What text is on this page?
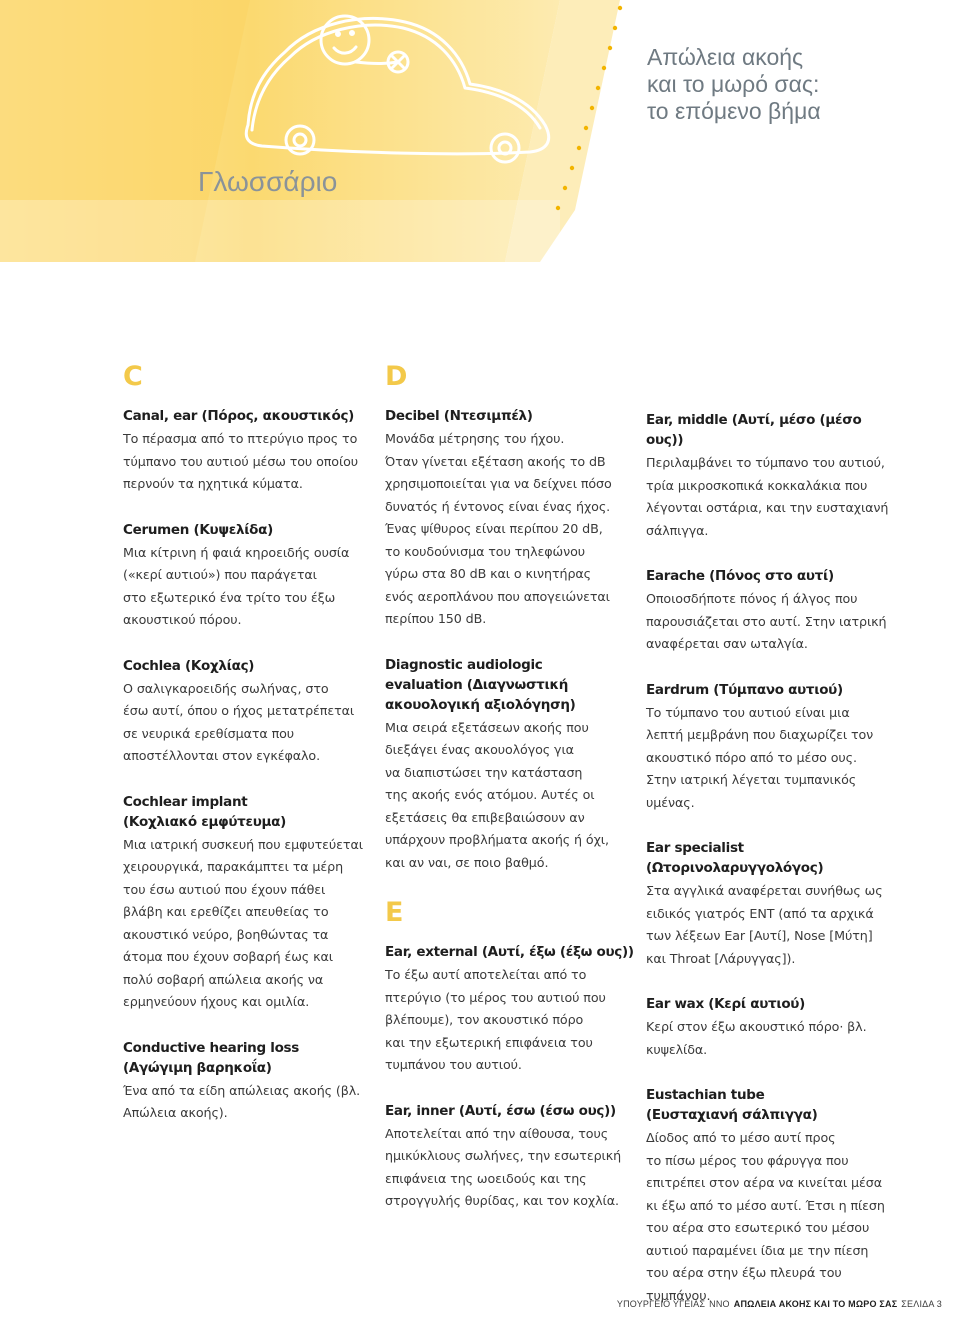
Απώλεια ακοής
και το μωρό σας:
το επόμενο βήμα
Γλωσσάριο
C
Canal, ear (Πόρος, ακουστικός)

Το πέρασμα από το πτερύγιο προς το
τύμπανο του αυτιού μέσω του οποίου
περνούν τα ηχητικά κύματα.

Cerumen (Κυψελίδα)

Μια κίτρινη ή φαιά κηροειδής ουσία
(«κερί αυτιού») που παράγεται
στο εξωτερικό ένα τρίτο του έξω
ακουστικού πόρου.

Cochlea (Κοχλίας)

Ο σαλιγκαροειδής σωλήνας, στο
έσω αυτί, όπου ο ήχος μετατρέπεται
σε νευρικά ερεθίσματα που
αποστέλλονται στον εγκέφαλο.

Cochlear implant (Κοχλιακό εμφύτευμα)

Μια ιατρική συσκευή που εμφυτεύεται
χειρουργικά, παρακάμπτει τα μέρη
του έσω αυτιού που έχουν πάθει
βλάβη και ερεθίζει απευθείας το
ακουστικό νεύρο, βοηθώντας τα
άτομα που έχουν σοβαρή έως και
πολύ σοβαρή απώλεια ακοής να
ερμηνεύουν ήχους και ομιλία.

Conductive hearing loss (Αγώγιμη βαρηκοΐα)

Ένα από τα είδη απώλειας ακοής (βλ.
Απώλεια ακοής).

D
Decibel (Ντεσιμπέλ)

Μονάδα μέτρησης του ήχου.
Όταν γίνεται εξέταση ακοής το dB
χρησιμοποιείται για να δείχνει πόσο
δυνατός ή έντονος είναι ένας ήχος.
Ένας ψίθυρος είναι περίπου 20 dB,
το κουδούνισμα του τηλεφώνου
γύρω στα 80 dB και ο κινητήρας
ενός αεροπλάνου που απογειώνεται
περίπου 150 dB.

Diagnostic audiologic evaluation (Διαγνωστική ακουολογική αξιολόγηση)

Μια σειρά εξετάσεων ακοής που
διεξάγει ένας ακουολόγος για
να διαπιστώσει την κατάσταση
της ακοής ενός ατόμου. Αυτές οι
εξετάσεις θα επιβεβαιώσουν αν
υπάρχουν προβλήματα ακοής ή όχι,
και αν ναι, σε ποιο βαθμό.

E
Ear, external (Αυτί, έξω (έξω ους))

Το έξω αυτί αποτελείται από το
πτερύγιο (το μέρος του αυτιού που
βλέπουμε), τον ακουστικό πόρο
και την εξωτερική επιφάνεια του
τυμπάνου του αυτιού.

Ear, inner (Αυτί, έσω (έσω ους))

Αποτελείται από την αίθουσα, τους
ημικύκλιους σωλήνες, την εσωτερική
επιφάνεια της ωοειδούς και της
στρογγυλής θυρίδας, και τον κοχλία.

Ear, middle (Αυτί, μέσο (μέσο ους))

Περιλαμβάνει το τύμπανο του αυτιού,
τρία μικροσκοπικά κοκκαλάκια που
λέγονται οστάρια, και την ευσταχιανή
σάλπιγγα.

Earache (Πόνος στο αυτί)

Οποιοσδήποτε πόνος ή άλγος που
παρουσιάζεται στο αυτί. Στην ιατρική
αναφέρεται σαν ωταλγία.

Eardrum (Τύμπανο αυτιού)

Το τύμπανο του αυτιού είναι μια
λεπτή μεμβράνη που διαχωρίζει τον
ακουστικό πόρο από το μέσο ους.
Στην ιατρική λέγεται τυμπανικός
υμένας.

Ear specialist (Ωτορινολαρυγγολόγος)

Στα αγγλικά αναφέρεται συνήθως ως
ειδικός γιατρός ENT (από τα αρχικά
των λέξεων Ear [Αυτί], Nose [Μύτη]
και Throat [Λάρυγγας]).

Ear wax (Κερί αυτιού)

Κερί στον έξω ακουστικό πόρο· βλ.
κυψελίδα.

Eustachian tube (Ευσταχιανή σάλπιγγα)

Δίοδος από το μέσο αυτί προς
το πίσω μέρος του φάρυγγα που
επιτρέπει στον αέρα να κινείται μέσα
κι έξω από το μέσο αυτί. Έτσι η πίεση
του αέρα στο εσωτερικό του μέσου
αυτιού παραμένει ίδια με την πίεση
του αέρα στην έξω πλευρά του
τυμπάνου.

ΥΠΟΥΡΓΕΙΟ ΥΓΕΙΑΣ ΝΝΟ ΑΠΩΛΕΙΑ ΑΚΟΗΣ ΚΑΙ ΤΟ ΜΩΡΟ ΣΑΣ ΣΕΛΙΔΑ 3
